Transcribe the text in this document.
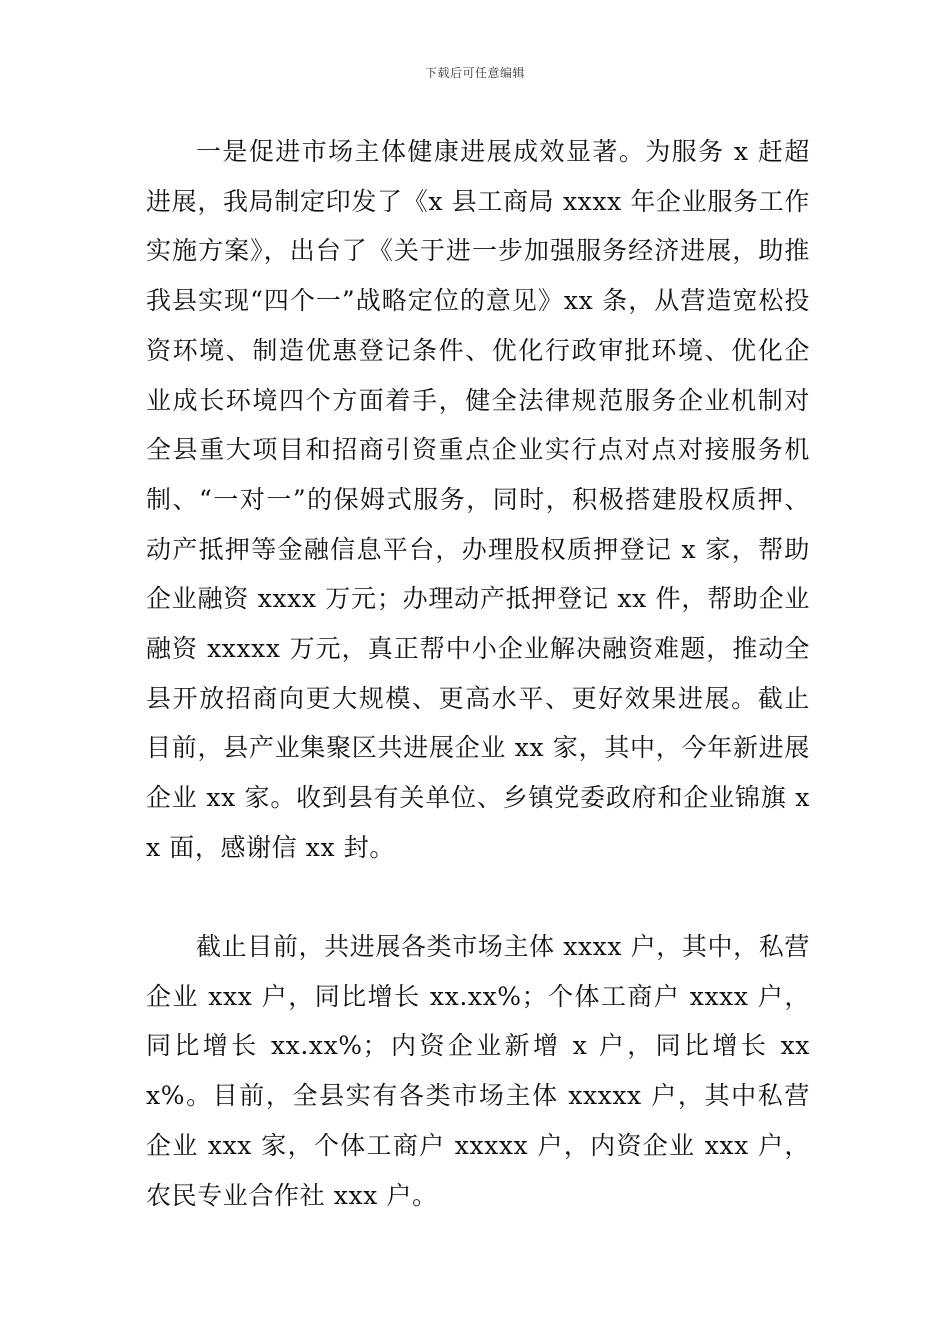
下载后可任意编辑

一是促进市场主体健康进展成效显著。为服务 x 赶超进展，我局制定印发了《x 县工商局 xxxx 年企业服务工作实施方案》，出台了《关于进一步加强服务经济进展，助推我县实现“四个一”战略定位的意见》xx 条，从营造宽松投资环境、制造优惠登记条件、优化行政审批环境、优化企业成长环境四个方面着手，健全法律规范服务企业机制对全县重大项目和招商引资重点企业实行点对点对接服务机制、“一对一”的保姆式服务，同时，积极搭建股权质押、动产抵押等金融信息平台，办理股权质押登记 x 家，帮助企业融资 xxxx 万元；办理动产抵押登记 xx 件，帮助企业融资 xxxxx 万元，真正帮中小企业解决融资难题，推动全县开放招商向更大规模、更高水平、更好效果进展。截止目前，县产业集聚区共进展企业 xx 家，其中，今年新进展企业 xx 家。收到县有关单位、乡镇党委政府和企业锦旗 xx 面，感谢信 xx 封。

截止目前，共进展各类市场主体 xxxx 户，其中，私营企业 xxx 户，同比增长 xx.xx%；个体工商户 xxxx 户，同比增长 xx.xx%；内资企业新增 x 户，同比增长 xxx%。目前，全县实有各类市场主体 xxxxx 户，其中私营企业 xxx 家，个体工商户 xxxxx 户，内资企业 xxx 户，农民专业合作社 xxx 户。
